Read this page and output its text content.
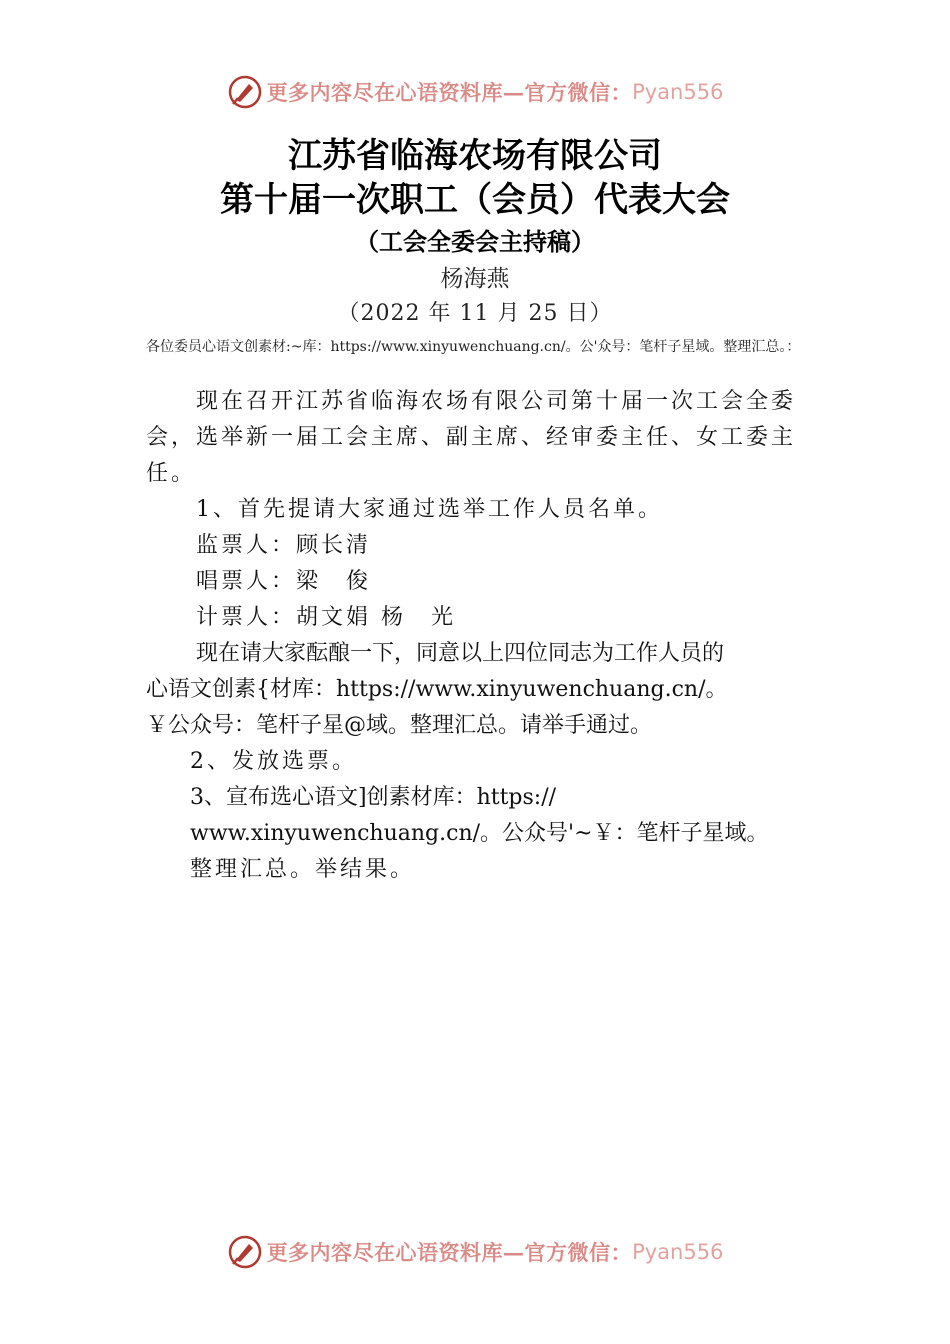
更多内容尽在心语资料库—官方微信： Pyan556
江苏省临海农场有限公司
第十届一次职工（会员）代表大会
（工会全委会主持稿）
杨海燕
（2022 年 11 月 25 日）
各位委员心语文创素材:~库：https://www.xinyuwenchuang.cn/。公'众号：笔杆子星域。整理汇总。：

现在召开江苏省临海农场有限公司第十届一次工会全委会，选举新一届工会主席、副主席、经审委主任、女工委主任。

1、首先提请大家通过选举工作人员名单。

监票人：顾长清

唱票人：梁　俊

计票人：胡文娟 杨　光

现在请大家酝酿一下，同意以上四位同志为工作人员的

心语文创素{材库：https://www.xinyuwenchuang.cn/。

￥公众号：笔杆子星@域。整理汇总。请举手通过。

2、发放选票。

3、宣布选心语文]创素材库：https://

www.xinyuwenchuang.cn/。公众号'~￥：笔杆子星域。

整理汇总。举结果。

更多内容尽在心语资料库—官方微信： Pyan556
